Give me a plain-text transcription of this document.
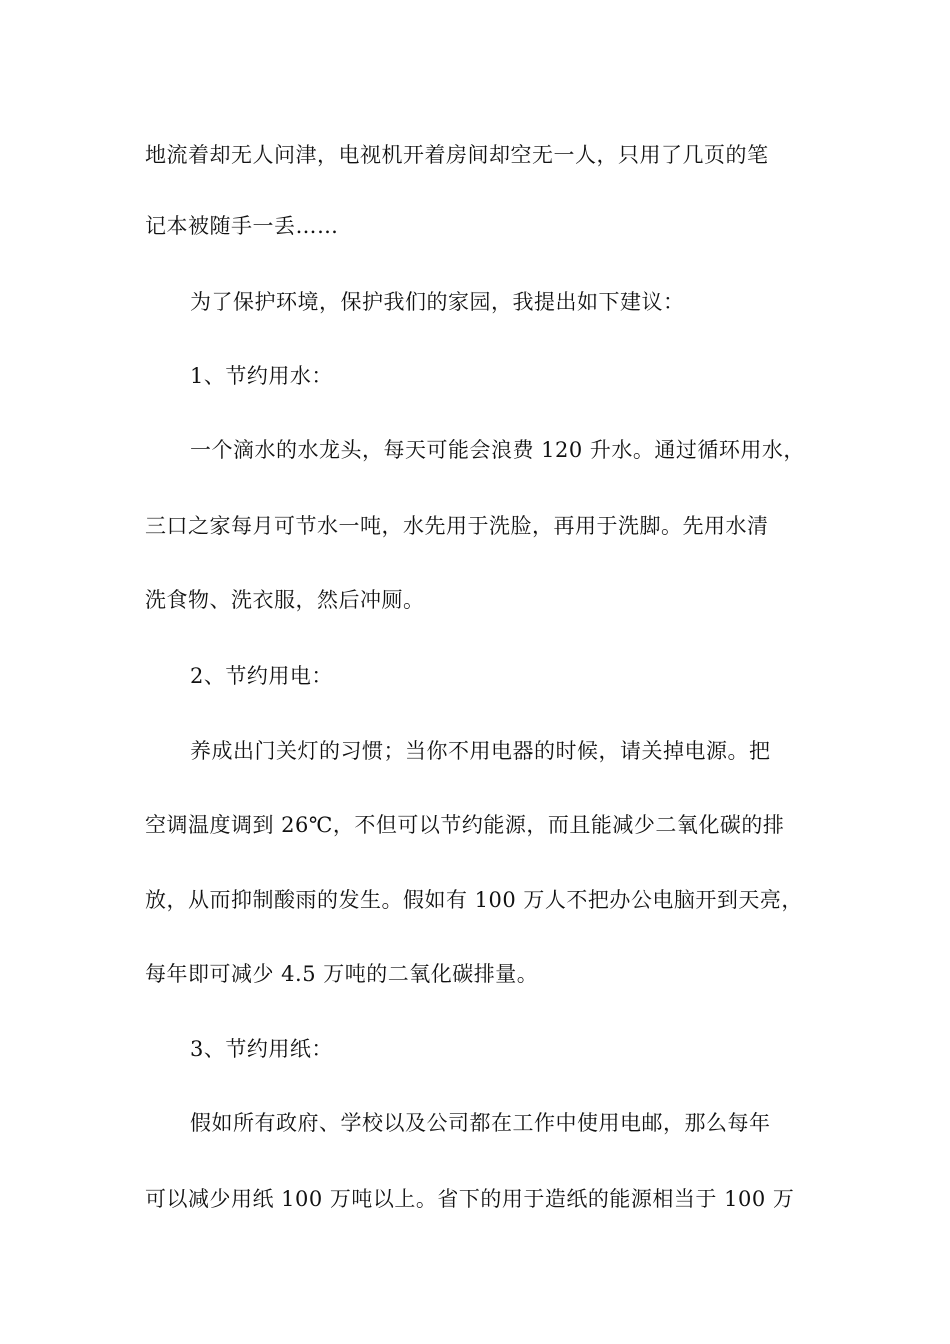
地流着却无人问津，电视机开着房间却空无一人，只用了几页的笔
记本被随手一丢……
为了保护环境，保护我们的家园，我提出如下建议：
1、节约用水：
一个滴水的水龙头，每天可能会浪费 120 升水。通过循环用水，
三口之家每月可节水一吨，水先用于洗脸，再用于洗脚。先用水清
洗食物、洗衣服，然后冲厕。
2、节约用电：
养成出门关灯的习惯；当你不用电器的时候，请关掉电源。把
空调温度调到 26℃，不但可以节约能源，而且能减少二氧化碳的排
放，从而抑制酸雨的发生。假如有 100 万人不把办公电脑开到天亮，
每年即可减少 4.5 万吨的二氧化碳排量。
3、节约用纸：
假如所有政府、学校以及公司都在工作中使用电邮，那么每年
可以减少用纸 100 万吨以上。省下的用于造纸的能源相当于 100 万
